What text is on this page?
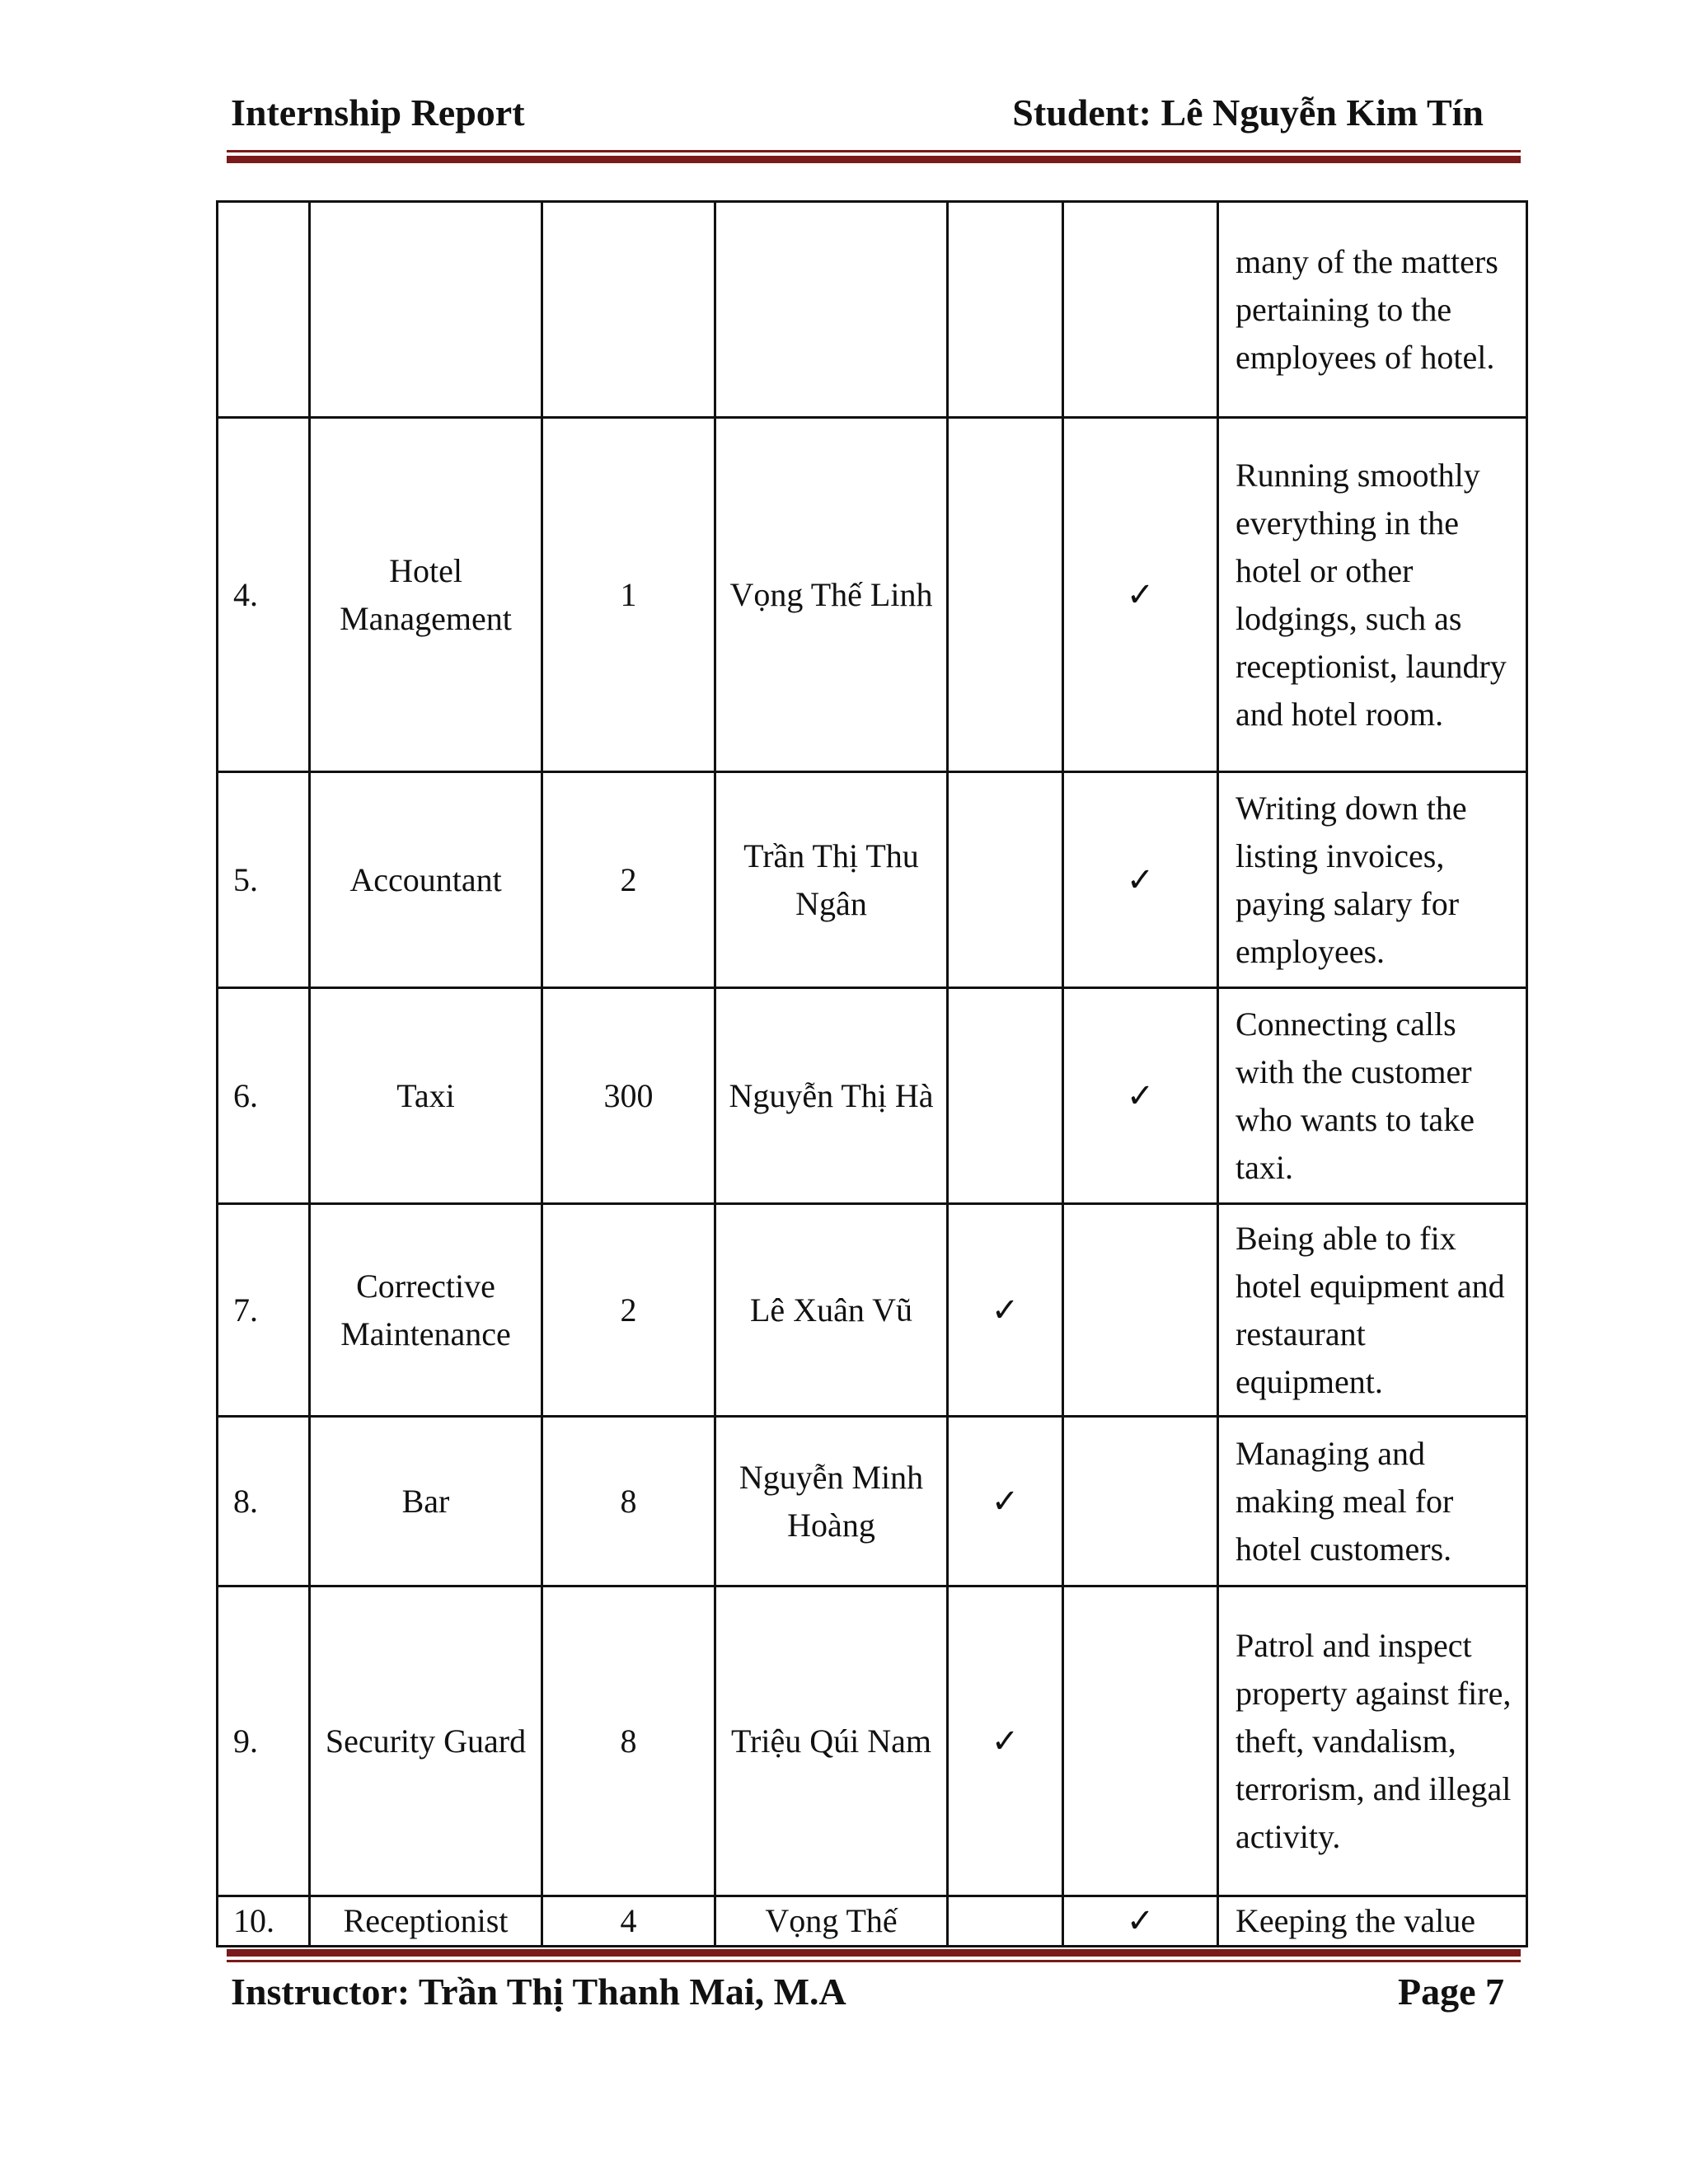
Internship Report	Student: Lê Nguyễn Kim Tín
						many of the matters pertaining to the employees of hotel.
4.	Hotel Management	1	Vọng Thế Linh		✓	Running smoothly everything in the hotel or other lodgings, such as receptionist, laundry and hotel room.
5.	Accountant	2	Trần Thị Thu Ngân		✓	Writing down the listing invoices, paying salary for employees.
6.	Taxi	300	Nguyễn Thị Hà		✓	Connecting calls with the customer who wants to take taxi.
7.	Corrective Maintenance	2	Lê Xuân Vũ	✓		Being able to fix hotel equipment and restaurant equipment.
8.	Bar	8	Nguyễn Minh Hoàng	✓		Managing and making meal for hotel customers.
9.	Security Guard	8	Triệu Qúi Nam	✓		Patrol and inspect property against fire, theft, vandalism, terrorism, and illegal activity.
10.	Receptionist	4	Vọng Thế		✓	Keeping the value
Instructor: Trần Thị Thanh Mai, M.A	Page 7
